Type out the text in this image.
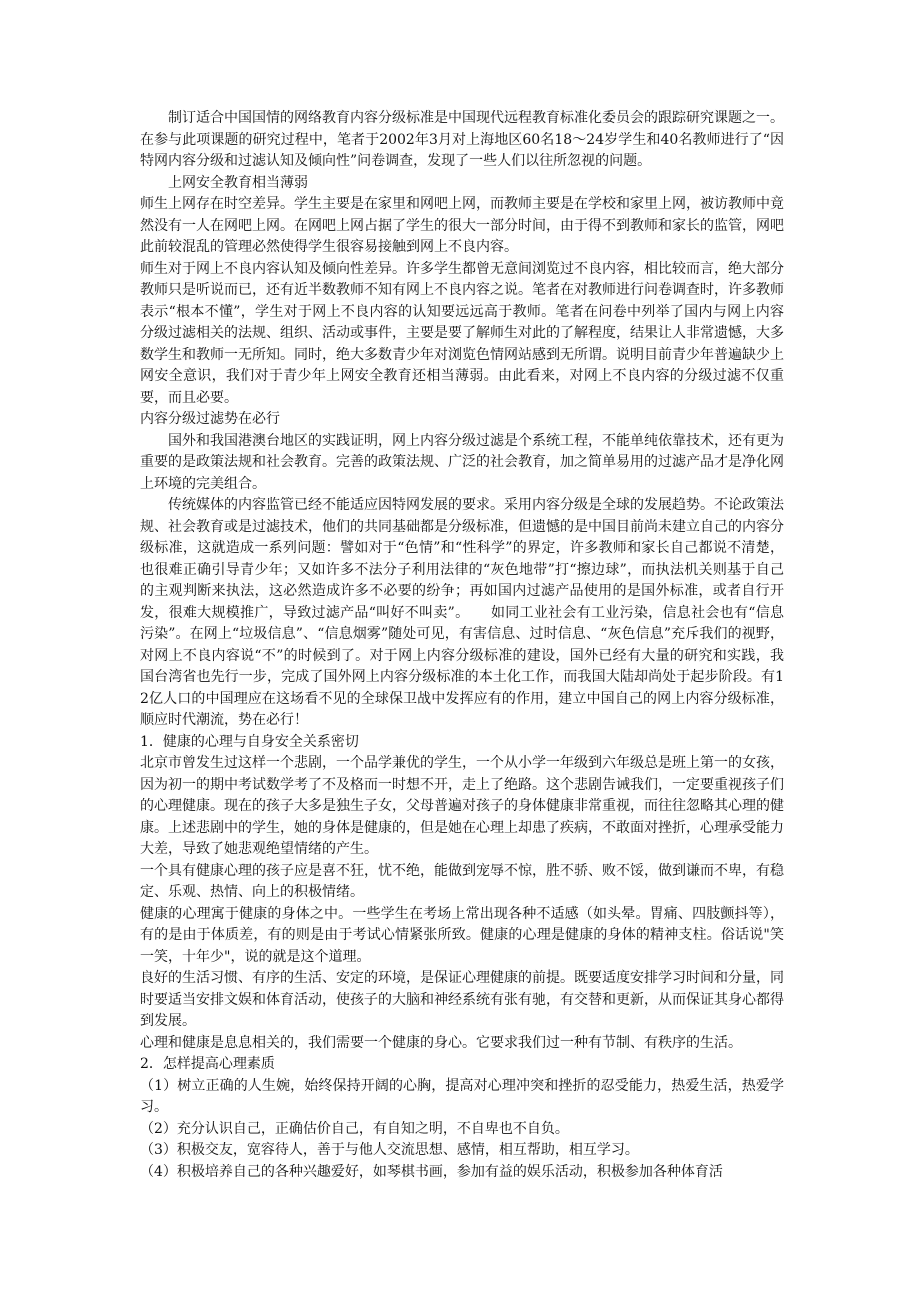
制订适合中国国情的网络教育内容分级标准是中国现代远程教育标准化委员会的跟踪研究课题之一。在参与此项课题的研究过程中，笔者于2002年3月对上海地区60名18～24岁学生和40名教师进行了“因特网内容分级和过滤认知及倾向性”问卷调查，发现了一些人们以往所忽视的问题。

上网安全教育相当薄弱

师生上网存在时空差异。学生主要是在家里和网吧上网，而教师主要是在学校和家里上网，被访教师中竟然没有一人在网吧上网。在网吧上网占据了学生的很大一部分时间，由于得不到教师和家长的监管，网吧此前较混乱的管理必然使得学生很容易接触到网上不良内容。

师生对于网上不良内容认知及倾向性差异。许多学生都曾无意间浏览过不良内容，相比较而言，绝大部分教师只是听说而已，还有近半数教师不知有网上不良内容之说。笔者在对教师进行问卷调查时，许多教师表示“根本不懂”，学生对于网上不良内容的认知要远远高于教师。笔者在问卷中列举了国内与网上内容分级过滤相关的法规、组织、活动或事件，主要是要了解师生对此的了解程度，结果让人非常遗憾，大多数学生和教师一无所知。同时，绝大多数青少年对浏览色情网站感到无所谓。说明目前青少年普遍缺少上网安全意识，我们对于青少年上网安全教育还相当薄弱。由此看来，对网上不良内容的分级过滤不仅重要，而且必要。

内容分级过滤势在必行

国外和我国港澳台地区的实践证明，网上内容分级过滤是个系统工程，不能单纯依靠技术，还有更为重要的是政策法规和社会教育。完善的政策法规、广泛的社会教育，加之简单易用的过滤产品才是净化网上环境的完美组合。

传统媒体的内容监管已经不能适应因特网发展的要求。采用内容分级是全球的发展趋势。不论政策法规、社会教育或是过滤技术，他们的共同基础都是分级标准，但遗憾的是中国目前尚未建立自己的内容分级标准，这就造成一系列问题：譬如对于“色情”和“性科学”的界定，许多教师和家长自己都说不清楚，也很难正确引导青少年；又如许多不法分子利用法律的“灰色地带”打“擦边球”，而执法机关则基于自己的主观判断来执法，这必然造成许多不必要的纷争；再如国内过滤产品使用的是国外标准，或者自行开发，很难大规模推广，导致过滤产品“叫好不叫卖”。　　如同工业社会有工业污染，信息社会也有“信息污染”。在网上“垃圾信息”、“信息烟雾”随处可见，有害信息、过时信息、“灰色信息”充斥我们的视野，对网上不良内容说“不”的时候到了。对于网上内容分级标准的建设，国外已经有大量的研究和实践，我国台湾省也先行一步，完成了国外网上内容分级标准的本土化工作，而我国大陆却尚处于起步阶段。有12亿人口的中国理应在这场看不见的全球保卫战中发挥应有的作用，建立中国自己的网上内容分级标准，顺应时代潮流，势在必行！

1．健康的心理与自身安全关系密切

北京市曾发生过这样一个悲剧，一个品学兼优的学生，一个从小学一年级到六年级总是班上第一的女孩，因为初一的期中考试数学考了不及格而一时想不开，走上了绝路。这个悲剧告诫我们，一定要重视孩子们的心理健康。现在的孩子大多是独生子女，父母普遍对孩子的身体健康非常重视，而往往忽略其心理的健康。上述悲剧中的学生，她的身体是健康的，但是她在心理上却患了疾病，不敢面对挫折，心理承受能力大差，导致了她悲观绝望情绪的产生。

一个具有健康心理的孩子应是喜不狂，忧不绝，能做到宠辱不惊，胜不骄、败不馁，做到谦而不卑，有稳定、乐观、热情、向上的积极情绪。

健康的心理寓于健康的身体之中。一些学生在考场上常出现各种不适感（如头晕。胃痛、四肢颤抖等），有的是由于体质差，有的则是由于考试心情紧张所致。健康的心理是健康的身体的精神支柱。俗话说"笑一笑，十年少"，说的就是这个道理。

良好的生活习惯、有序的生活、安定的环境，是保证心理健康的前提。既要适度安排学习时间和分量，同时要适当安排文娱和体育活动，使孩子的大脑和神经系统有张有驰，有交替和更新，从而保证其身心都得到发展。

心理和健康是息息相关的，我们需要一个健康的身心。它要求我们过一种有节制、有秩序的生活。

2．怎样提高心理素质

（1）树立正确的人生婉，始终保持开阔的心胸，提高对心理冲突和挫折的忍受能力，热爱生活，热爱学习。

（2）充分认识自己，正确估价自己，有自知之明，不自卑也不自负。

（3）积极交友，宽容待人，善于与他人交流思想、感情，相互帮助，相互学习。

（4）积极培养自己的各种兴趣爱好，如琴棋书画，参加有益的娱乐活动，积极参加各种体育活
